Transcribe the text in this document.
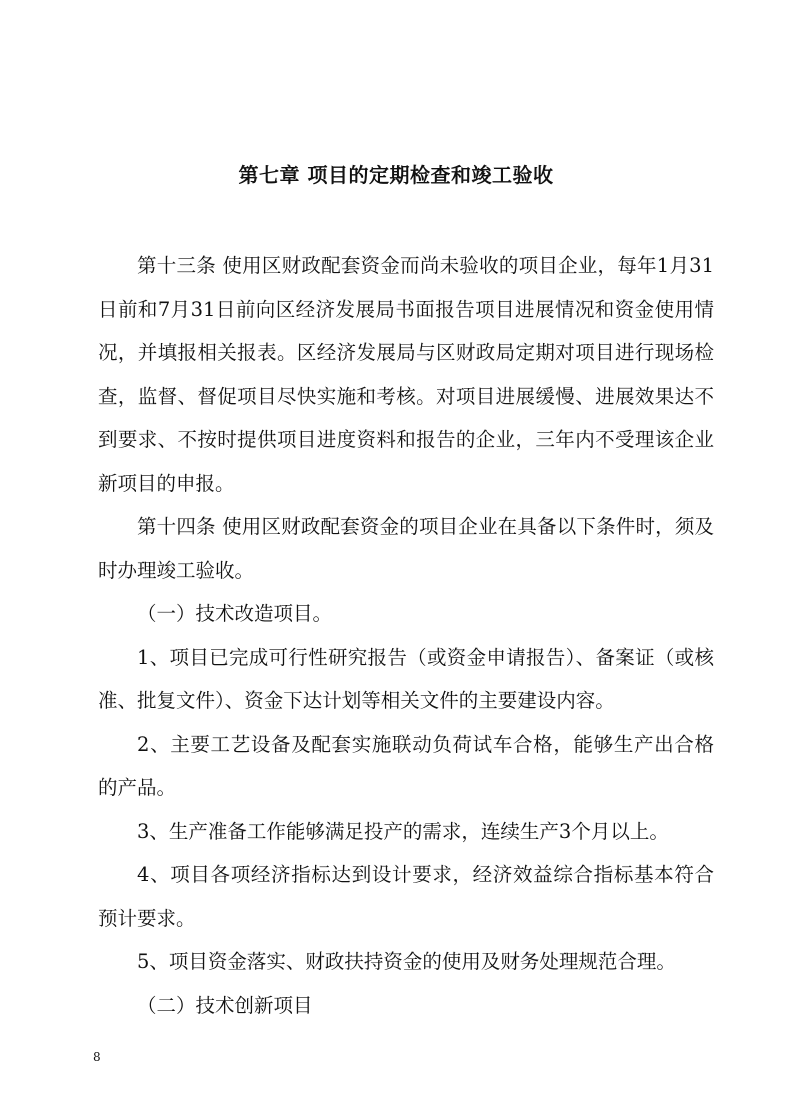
第七章 项目的定期检查和竣工验收

第十三条 使用区财政配套资金而尚未验收的项目企业，每年1月31日前和7月31日前向区经济发展局书面报告项目进展情况和资金使用情况，并填报相关报表。区经济发展局与区财政局定期对项目进行现场检查，监督、督促项目尽快实施和考核。对项目进展缓慢、进展效果达不到要求、不按时提供项目进度资料和报告的企业，三年内不受理该企业新项目的申报。

第十四条 使用区财政配套资金的项目企业在具备以下条件时，须及时办理竣工验收。

（一）技术改造项目。

1、项目已完成可行性研究报告（或资金申请报告）、备案证（或核准、批复文件）、资金下达计划等相关文件的主要建设内容。

2、主要工艺设备及配套实施联动负荷试车合格，能够生产出合格的产品。

3、生产准备工作能够满足投产的需求，连续生产3个月以上。

4、项目各项经济指标达到设计要求，经济效益综合指标基本符合预计要求。

5、项目资金落实、财政扶持资金的使用及财务处理规范合理。

（二）技术创新项目

8
